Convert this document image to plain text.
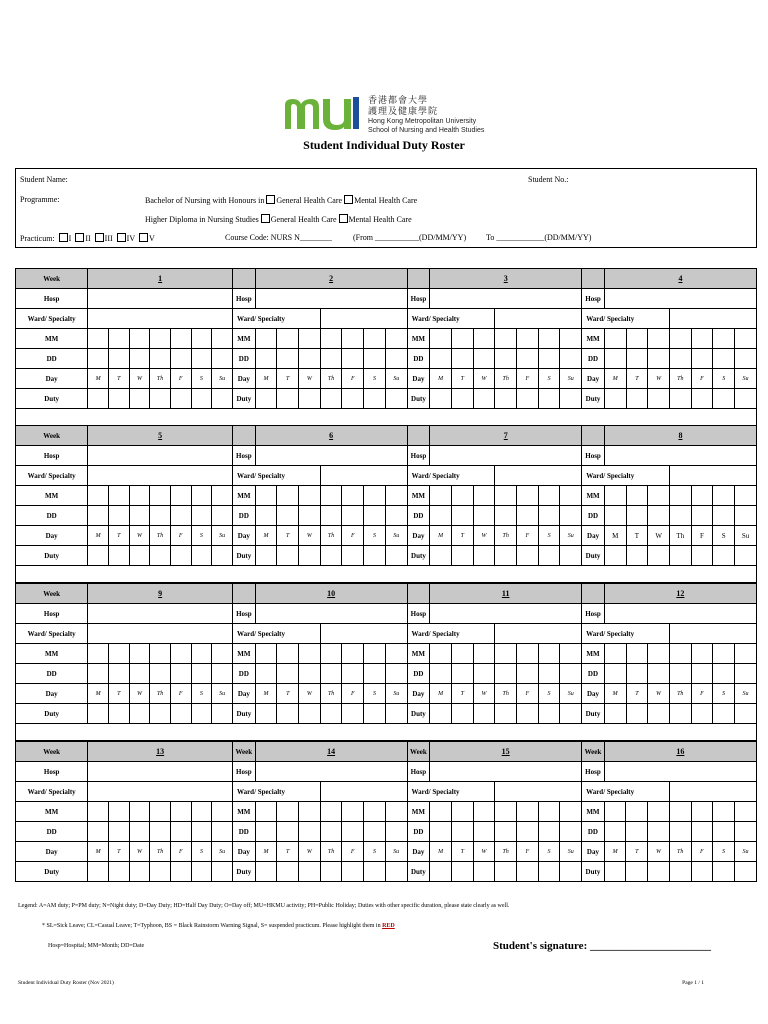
香港都會大學
護理及健康學院
Hong Kong Metropolitan University
School of Nursing and Health Studies
Student Individual Duty Roster
Student Name:	Student No.:
Programme:	Bachelor of Nursing with Honours in General Health Care Mental Health Care
Higher Diploma in Nursing Studies General Health Care Mental Health Care
Practicum: I II III IV V	Course Code: NURS N________	(From ___________(DD/MM/YY) To ____________(DD/MM/YY)
Week	1								2								3								4						
Hosp								Hosp								Hosp								Hosp							
Ward/ Specialty								Ward/ Specialty								Ward/ Specialty								Ward/ Specialty							
MM								MM								MM								MM							
DD								DD								DD								DD							
Day	M	T	W	Th	F	S	Su	Day	M	T	W	Th	F	S	Su	Day	M	T	W	Th	F	S	Su	Day	M	T	W	Th	F	S	Su
Duty								Duty								Duty								Duty							

Week	5								6								7								8						
Hosp								Hosp								Hosp								Hosp							
Ward/ Specialty								Ward/ Specialty								Ward/ Specialty								Ward/ Specialty							
MM								MM								MM								MM							
DD								DD								DD								DD							
Day	M	T	W	Th	F	S	Su	Day	M	T	W	Th	F	S	Su	Day	M	T	W	Th	F	S	Su	Day	M	T	W	Th	F	S	Su
Duty								Duty								Duty								Duty							

Week	9								10								11								12						
Hosp								Hosp								Hosp								Hosp							
Ward/ Specialty								Ward/ Specialty								Ward/ Specialty								Ward/ Specialty							
MM								MM								MM								MM							
DD								DD								DD								DD							
Day	M	T	W	Th	F	S	Su	Day	M	T	W	Th	F	S	Su	Day	M	T	W	Th	F	S	Su	Day	M	T	W	Th	F	S	Su
Duty								Duty								Duty								Duty							

Week	13							Week	14							Week	15							Week	16						
Hosp								Hosp								Hosp								Hosp							
Ward/ Specialty								Ward/ Specialty								Ward/ Specialty								Ward/ Specialty							
MM								MM								MM								MM							
DD								DD								DD								DD							
Day	M	T	W	Th	F	S	Su	Day	M	T	W	Th	F	S	Su	Day	M	T	W	Th	F	S	Su	Day	M	T	W	Th	F	S	Su
Duty								Duty								Duty								Duty							
Legend: A=AM duty; P=PM duty; N=Night duty; D=Day Duty; HD=Half Day Duty; O=Day off; MU=HKMU activity; PH=Public Holiday; Duties with other specific duration, please state clearly as well.
* SL=Sick Leave; CL=Casual Leave; T=Typhoon, BS = Black Rainstorm Warning Signal, S= suspended practicum. Please highlight them in RED
Hosp=Hospital; MM=Month; DD=Date	Student's signature: ______________________
Student Individual Duty Roster (Nov 2021)	Page 1 / 1
